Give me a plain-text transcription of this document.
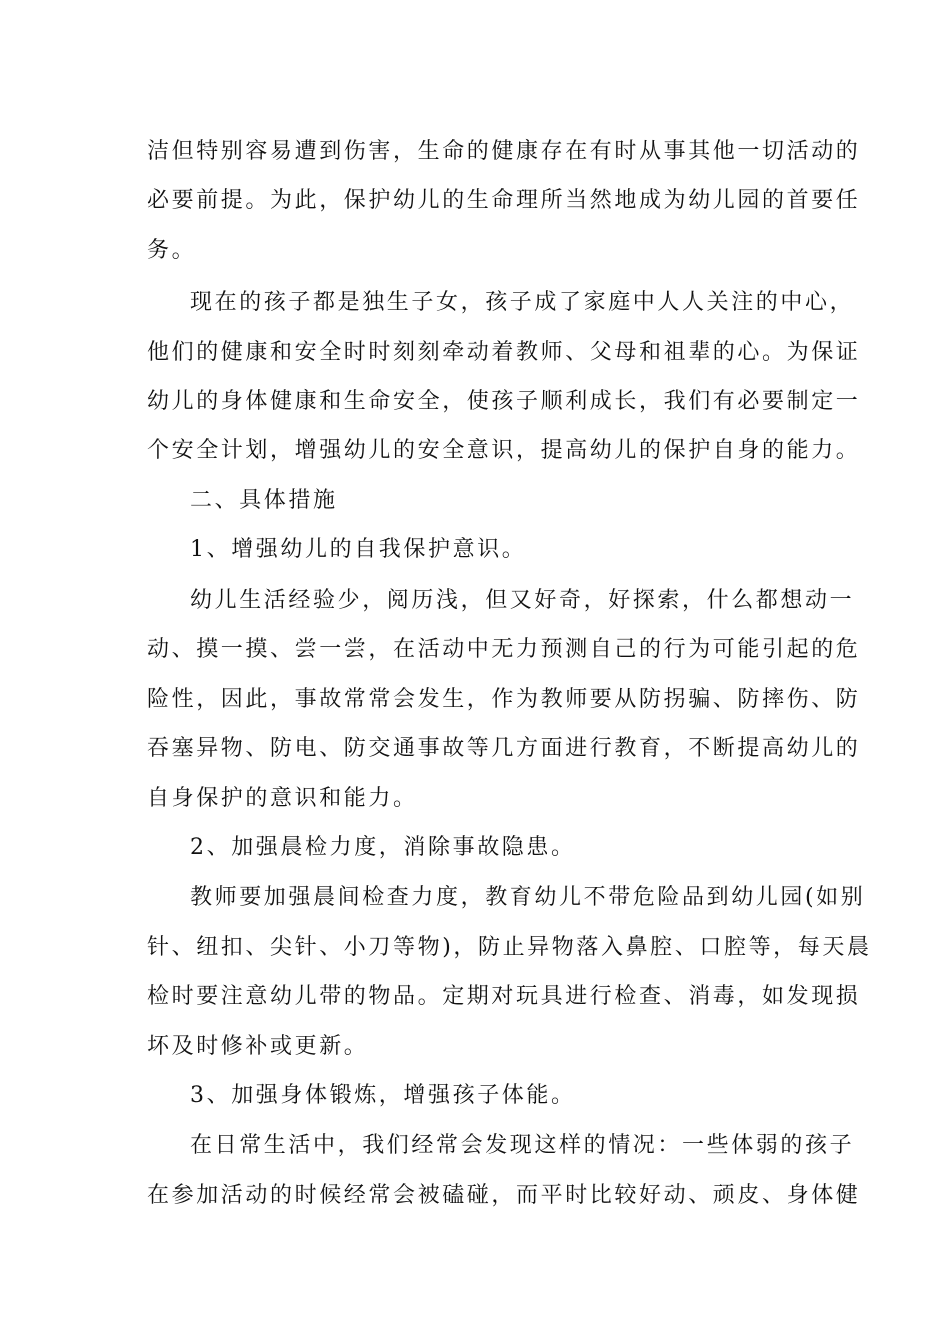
洁但特别容易遭到伤害，生命的健康存在有时从事其他一切活动的
必要前提。为此，保护幼儿的生命理所当然地成为幼儿园的首要任
务。
现在的孩子都是独生子女，孩子成了家庭中人人关注的中心，
他们的健康和安全时时刻刻牵动着教师、父母和祖辈的心。为保证
幼儿的身体健康和生命安全，使孩子顺利成长，我们有必要制定一
个安全计划，增强幼儿的安全意识，提高幼儿的保护自身的能力。
二、具体措施
1、增强幼儿的自我保护意识。
幼儿生活经验少，阅历浅，但又好奇，好探索，什么都想动一
动、摸一摸、尝一尝，在活动中无力预测自己的行为可能引起的危
险性，因此，事故常常会发生，作为教师要从防拐骗、防摔伤、防
吞塞异物、防电、防交通事故等几方面进行教育，不断提高幼儿的
自身保护的意识和能力。
2、加强晨检力度，消除事故隐患。
教师要加强晨间检查力度，教育幼儿不带危险品到幼儿园(如别
针、纽扣、尖针、小刀等物)，防止异物落入鼻腔、口腔等，每天晨
检时要注意幼儿带的物品。定期对玩具进行检查、消毒，如发现损
坏及时修补或更新。
3、加强身体锻炼，增强孩子体能。
在日常生活中，我们经常会发现这样的情况：一些体弱的孩子
在参加活动的时候经常会被磕碰，而平时比较好动、顽皮、身体健
